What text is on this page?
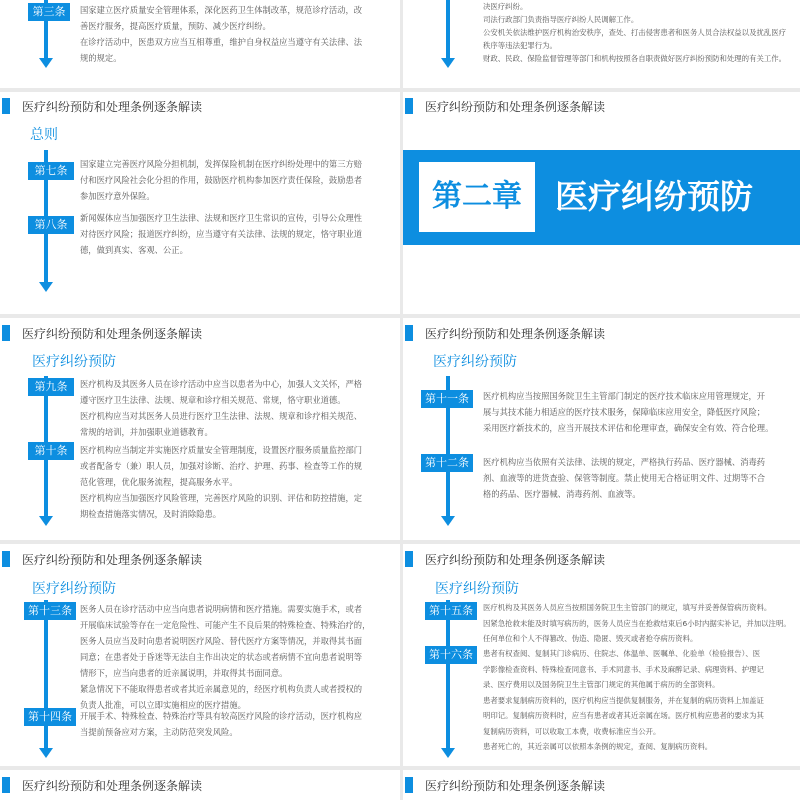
第三条	国家建立医疗质量安全管理体系，深化医药卫生体制改革，规范诊疗活动，改
善医疗服务，提高医疗质量，预防、减少医疗纠纷。
在诊疗活动中，医患双方应当互相尊重，维护自身权益应当遵守有关法律、法
规的规定。
决医疗纠纷。
司法行政部门负责指导医疗纠纷人民调解工作。
公安机关依法维护医疗机构治安秩序，查处、打击侵害患者和医务人员合法权益以及扰乱医疗
秩序等违法犯罪行为。
财政、民政、保险监督管理等部门和机构按照各自职责做好医疗纠纷预防和处理的有关工作。
医疗纠纷预防和处理条例逐条解读
总则
第七条	国家建立完善医疗风险分担机制，发挥保险机制在医疗纠纷处理中的第三方赔
付和医疗风险社会化分担的作用，鼓励医疗机构参加医疗责任保险，鼓励患者
参加医疗意外保险。
第八条	新闻媒体应当加强医疗卫生法律、法规和医疗卫生常识的宣传，引导公众理性
对待医疗风险；报道医疗纠纷，应当遵守有关法律、法规的规定，恪守职业道
德，做到真实、客观、公正。
医疗纠纷预防和处理条例逐条解读
第二章	医疗纠纷预防
医疗纠纷预防和处理条例逐条解读
医疗纠纷预防
第九条	医疗机构及其医务人员在诊疗活动中应当以患者为中心，加强人文关怀，严格
遵守医疗卫生法律、法规、规章和诊疗相关规范、常规，恪守职业道德。
医疗机构应当对其医务人员进行医疗卫生法律、法规、规章和诊疗相关规范、
常规的培训，并加强职业道德教育。
第十条	医疗机构应当制定并实施医疗质量安全管理制度，设置医疗服务质量监控部门
或者配备专（兼）职人员，加强对诊断、治疗、护理、药事、检查等工作的规
范化管理，优化服务流程，提高服务水平。
医疗机构应当加强医疗风险管理，完善医疗风险的识别、评估和防控措施，定
期检查措施落实情况，及时消除隐患。
医疗纠纷预防和处理条例逐条解读
医疗纠纷预防
第十一条	医疗机构应当按照国务院卫生主管部门制定的医疗技术临床应用管理规定，开
展与其技术能力相适应的医疗技术服务，保障临床应用安全，降低医疗风险；
采用医疗新技术的，应当开展技术评估和伦理审查，确保安全有效、符合伦理。
第十二条	医疗机构应当依照有关法律、法规的规定，严格执行药品、医疗器械、消毒药
剂、血液等的进货查验、保管等制度。禁止使用无合格证明文件、过期等不合
格的药品、医疗器械、消毒药剂、血液等。
医疗纠纷预防和处理条例逐条解读
医疗纠纷预防
第十三条 医务人员在诊疗活动中应当向患者说明病情和医疗措施。需要实施手术，或者
开展临床试验等存在一定危险性、可能产生不良后果的特殊检查、特殊治疗的，
医务人员应当及时向患者说明医疗风险、替代医疗方案等情况，并取得其书面
同意；在患者处于昏迷等无法自主作出决定的状态或者病情不宜向患者说明等
情形下，应当向患者的近亲属说明，并取得其书面同意。
紧急情况下不能取得患者或者其近亲属意见的，经医疗机构负责人或者授权的
负责人批准，可以立即实施相应的医疗措施。
第十四条 开展手术、特殊检查、特殊治疗等具有较高医疗风险的诊疗活动，医疗机构应
当提前预备应对方案，主动防范突发风险。
医疗纠纷预防和处理条例逐条解读
医疗纠纷预防
第十五条	医疗机构及其医务人员应当按照国务院卫生主管部门的规定，填写并妥善保管病历资料。
因紧急抢救未能及时填写病历的，医务人员应当在抢救结束后6小时内据实补记，并加以注明。
任何单位和个人不得篡改、伪造、隐匿、毁灭或者抢夺病历资料。
第十六条	患者有权查阅、复制其门诊病历、住院志、体温单、医嘱单、化验单（检验报告）、医
学影像检查资料、特殊检查同意书、手术同意书、手术及麻醉记录、病理资料、护理记
录、医疗费用以及国务院卫生主管部门规定的其他属于病历的全部资料。
患者要求复制病历资料的，医疗机构应当提供复制服务，并在复制的病历资料上加盖证
明印记。复制病历资料时，应当有患者或者其近亲属在场。医疗机构应患者的要求为其
复制病历资料，可以收取工本费，收费标准应当公开。
患者死亡的，其近亲属可以依照本条例的规定，查阅、复制病历资料。
医疗纠纷预防和处理条例逐条解读	医疗纠纷预防和处理条例逐条解读
